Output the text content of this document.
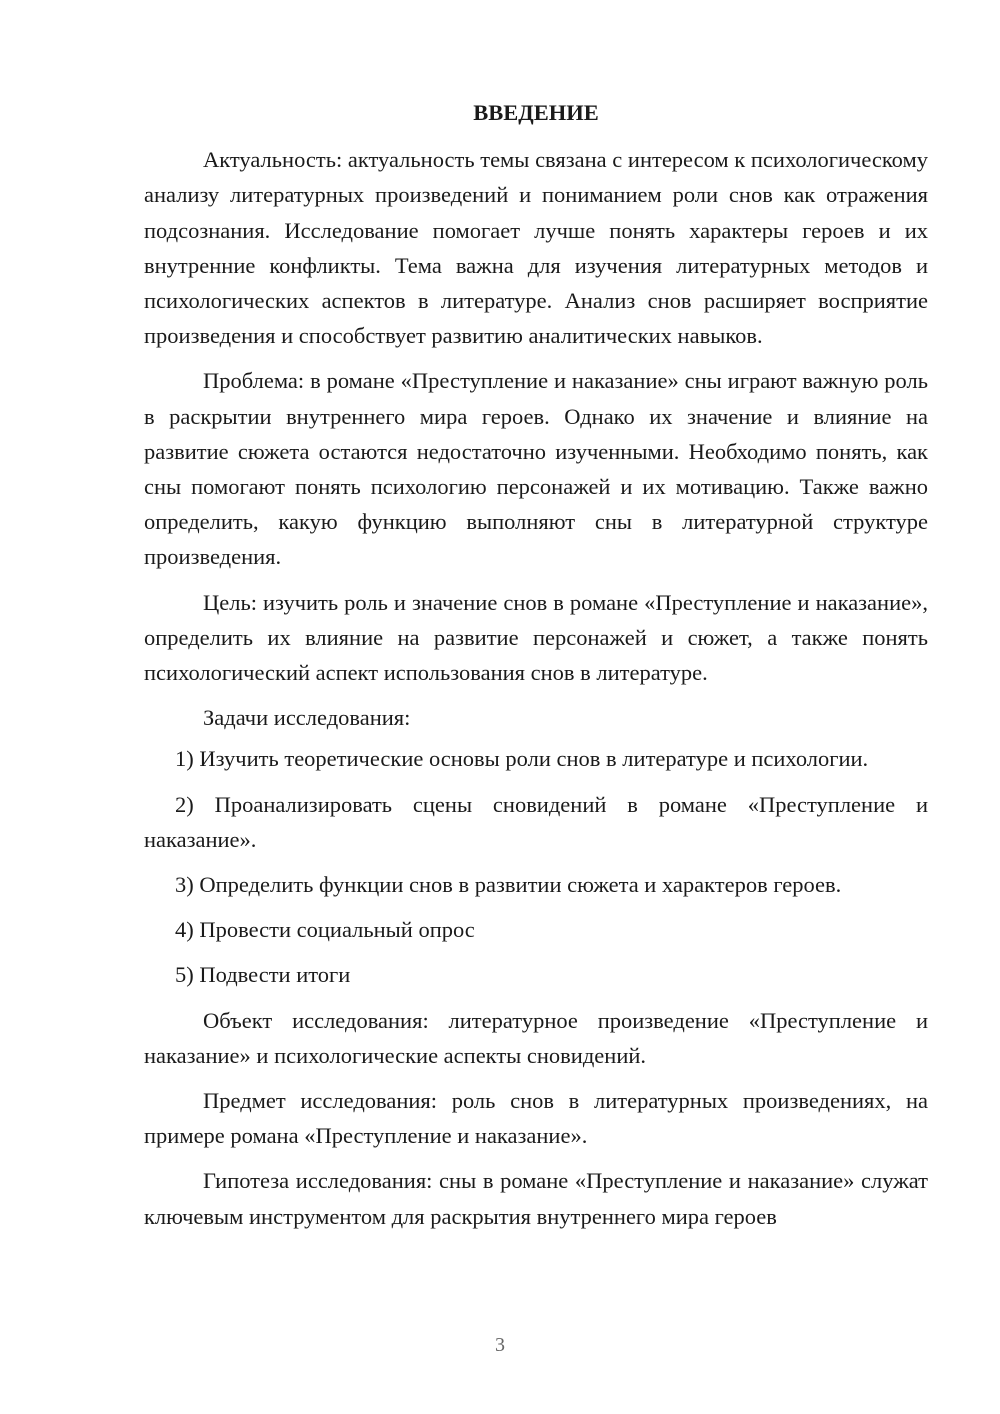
ВВЕДЕНИЕ

Актуальность: актуальность темы связана с интересом к психологическому анализу литературных произведений и пониманием роли снов как отражения подсознания. Исследование помогает лучше понять характеры героев и их внутренние конфликты. Тема важна для изучения литературных методов и психологических аспектов в литературе. Анализ снов расширяет восприятие произведения и способствует развитию аналитических навыков.

Проблема: в романе «Преступление и наказание» сны играют важную роль в раскрытии внутреннего мира героев. Однако их значение и влияние на развитие сюжета остаются недостаточно изученными. Необходимо понять, как сны помогают понять психологию персонажей и их мотивацию. Также важно определить, какую функцию выполняют сны в литературной структуре произведения.

Цель: изучить роль и значение снов в романе «Преступление и наказание», определить их влияние на развитие персонажей и сюжет, а также понять психологический аспект использования снов в литературе.

Задачи исследования:

1) Изучить теоретические основы роли снов в литературе и психологии.

2) Проанализировать сцены сновидений в романе «Преступление и наказание».

3) Определить функции снов в развитии сюжета и характеров героев.

4) Провести социальный опрос

5) Подвести итоги

Объект исследования: литературное произведение «Преступление и наказание» и психологические аспекты сновидений.

Предмет исследования: роль снов в литературных произведениях, на примере романа «Преступление и наказание».

Гипотеза исследования: сны в романе «Преступление и наказание» служат ключевым инструментом для раскрытия внутреннего мира героев

3
